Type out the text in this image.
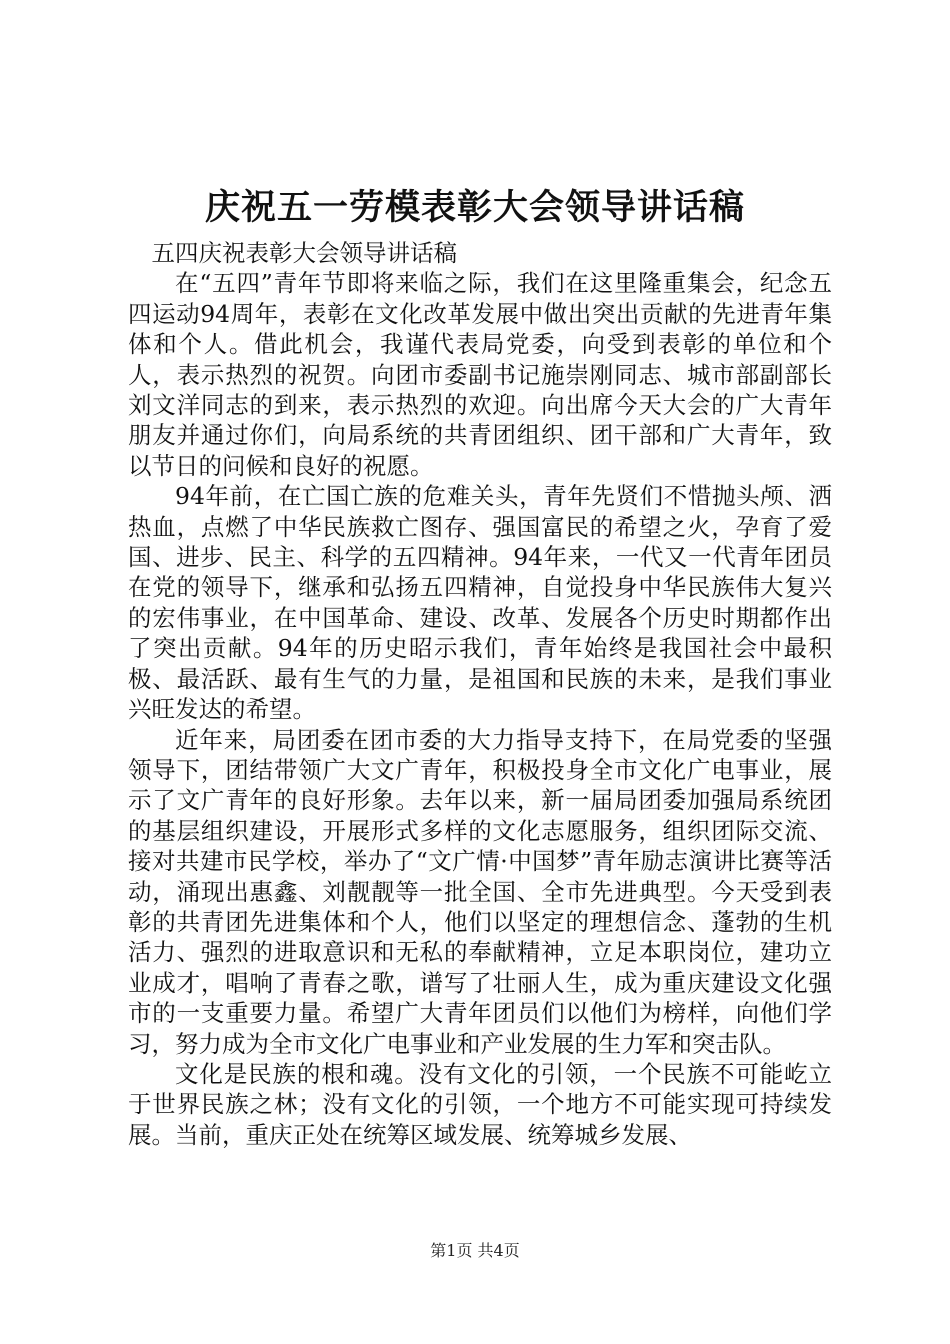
庆祝五一劳模表彰大会领导讲话稿

五四庆祝表彰大会领导讲话稿

在“五四”青年节即将来临之际，我们在这里隆重集会，纪念五四运动94周年，表彰在文化改革发展中做出突出贡献的先进青年集体和个人。借此机会，我谨代表局党委，向受到表彰的单位和个人，表示热烈的祝贺。向团市委副书记施崇刚同志、城市部副部长刘文洋同志的到来，表示热烈的欢迎。向出席今天大会的广大青年朋友并通过你们，向局系统的共青团组织、团干部和广大青年，致以节日的问候和良好的祝愿。

94年前，在亡国亡族的危难关头，青年先贤们不惜抛头颅、洒热血，点燃了中华民族救亡图存、强国富民的希望之火，孕育了爱国、进步、民主、科学的五四精神。94年来，一代又一代青年团员在党的领导下，继承和弘扬五四精神，自觉投身中华民族伟大复兴的宏伟事业，在中国革命、建设、改革、发展各个历史时期都作出了突出贡献。94年的历史昭示我们，青年始终是我国社会中最积极、最活跃、最有生气的力量，是祖国和民族的未来，是我们事业兴旺发达的希望。

近年来，局团委在团市委的大力指导支持下，在局党委的坚强领导下，团结带领广大文广青年，积极投身全市文化广电事业，展示了文广青年的良好形象。去年以来，新一届局团委加强局系统团的基层组织建设，开展形式多样的文化志愿服务，组织团际交流、接对共建市民学校，举办了“文广情·中国梦”青年励志演讲比赛等活动，涌现出惠鑫、刘靓靓等一批全国、全市先进典型。今天受到表彰的共青团先进集体和个人，他们以坚定的理想信念、蓬勃的生机活力、强烈的进取意识和无私的奉献精神，立足本职岗位，建功立业成才，唱响了青春之歌，谱写了壮丽人生，成为重庆建设文化强市的一支重要力量。希望广大青年团员们以他们为榜样，向他们学习，努力成为全市文化广电事业和产业发展的生力军和突击队。

文化是民族的根和魂。没有文化的引领，一个民族不可能屹立于世界民族之林；没有文化的引领，一个地方不可能实现可持续发展。当前，重庆正处在统筹区域发展、统筹城乡发展、

第1页 共4页
